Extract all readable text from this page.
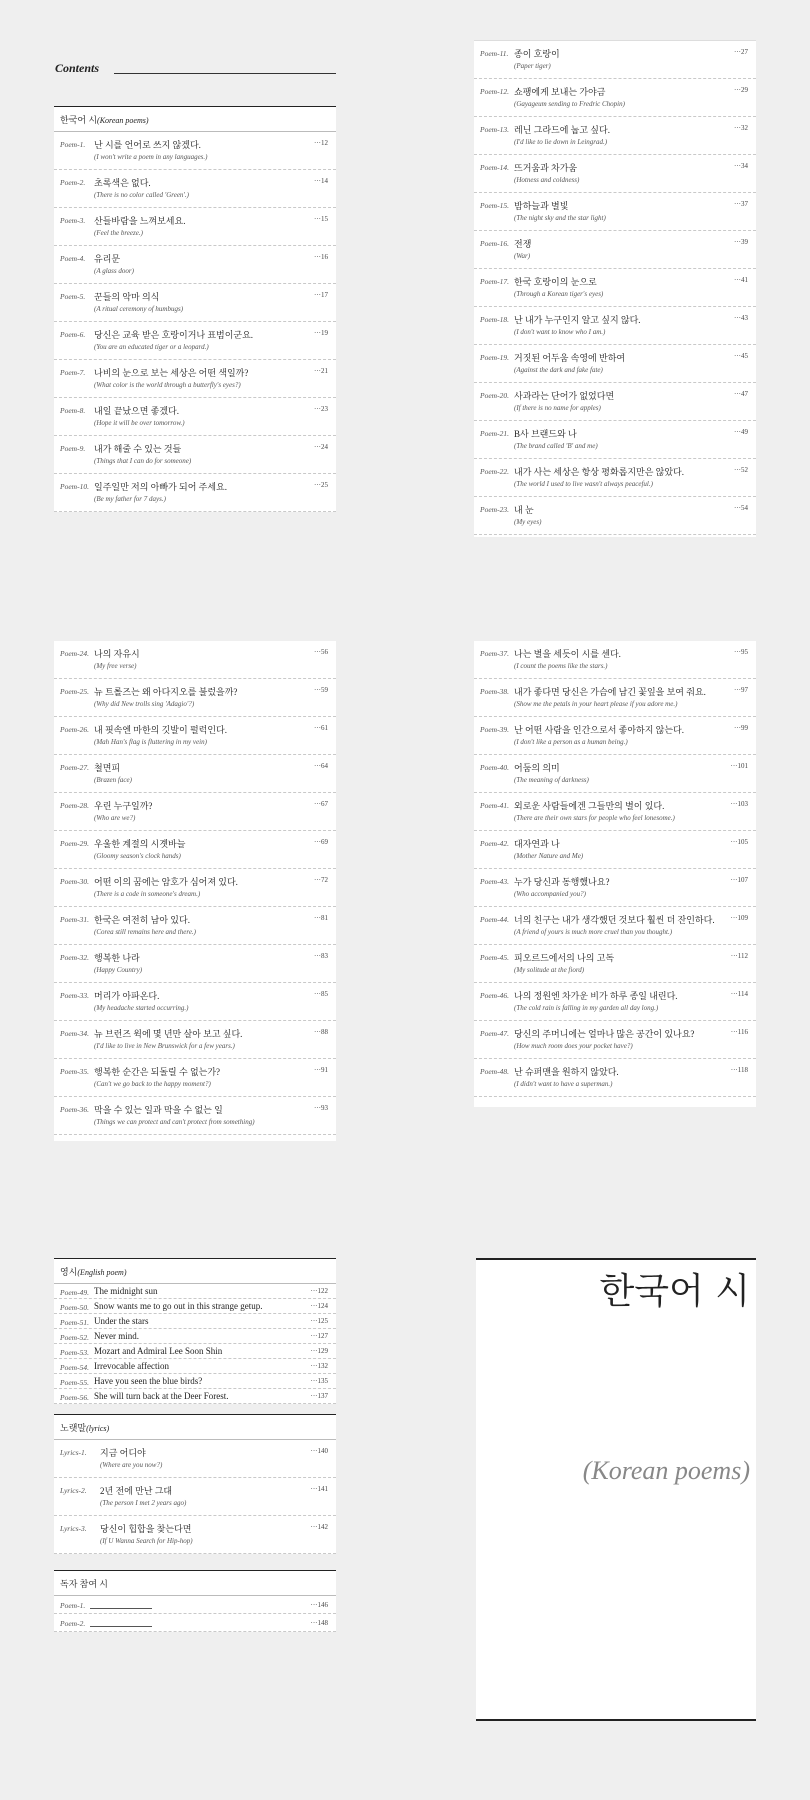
Contents
한국어 시(Korean poems)
Poem-1. 난 시를 언어로 쓰지 않겠다.
(I won't write a poem in any languages.)
···12
Poem-2. 초록색은 없다.
(There is no color called 'Green'.)
···14
Poem-3. 산들바람을 느껴보세요.
(Feel the breeze.)
···15
Poem-4. 유리문
(A glass door)
···16
Poem-5. 꾼들의 악마 의식
(A ritual ceremony of humbugs)
···17
Poem-6. 당신은 교육 받은 호랑이거나 표범이군요.
(You are an educated tiger or a leopard.)
···19
Poem-7. 나비의 눈으로 보는 세상은 어떤 색일까?
(What color is the world through a butterfly's eyes?)
···21
Poem-8. 내일 끝났으면 좋겠다.
(Hope it will be over tomorrow.)
···23
Poem-9. 내가 해줄 수 있는 것들
(Things that I can do for someone)
···24
Poem-10. 일주일만 저의 아빠가 되어 주세요.
(Be my father for 7 days.)
···25
Poem-11. 종이 호랑이
(Paper tiger)
···27
Poem-12. 쇼팽에게 보내는 가야금
(Gayageum sending to Fredric Chopin)
···29
Poem-13. 레닌 그라드에 눕고 싶다.
(I'd like to lie down in Leingrad.)
···32
Poem-14. 뜨거움과 차가움
(Hotness and coldness)
···34
Poem-15. 밤하늘과 별빛
(The night sky and the star light)
···37
Poem-16. 전쟁
(War)
···39
Poem-17. 한국 호랑이의 눈으로
(Through a Korean tiger's eyes)
···41
Poem-18. 난 내가 누구인지 알고 싶지 않다.
(I don't want to know who I am.)
···43
Poem-19. 거짓된 어두움 속영에 반하여
(Against the dark and fake fate)
···45
Poem-20. 사과라는 단어가 없었다면
(If there is no name for apples)
···47
Poem-21. B사 브랜드와 나
(The brand called 'B' and me)
···49
Poem-22. 내가 사는 세상은 항상 평화롭지만은 않았다.
(The world I used to live wasn't always peaceful.)
···52
Poem-23. 내 눈
(My eyes)
···54
Poem-24. 나의 자유시
(My free verse)
···56
Poem-25. 뉴 트롤즈는 왜 아다지오를 불렀을까?
(Why did New trolls sing 'Adagio'?)
···59
Poem-26. 내 핏속엔 마한의 깃발이 펄럭인다.
(Mah Han's flag is fluttering in my vein)
···61
Poem-27. 철면피
(Brazen face)
···64
Poem-28. 우린 누구일까?
(Who are we?)
···67
Poem-29. 우울한 계절의 시곗바늘
(Gloomy season's clock hands)
···69
Poem-30. 어떤 이의 꿈에는 암호가 심어져 있다.
(There is a code in someone's dream.)
···72
Poem-31. 한국은 여전히 남아 있다.
(Corea still remains here and there.)
···81
Poem-32. 행복한 나라
(Happy Country)
···83
Poem-33. 머리가 아파온다.
(My headache started occurring.)
···85
Poem-34. 뉴 브런즈 윅에 몇 년만 살아 보고 싶다.
(I'd like to live in New Brunswick for a few years.)
···88
Poem-35. 행복한 순간은 되돌릴 수 없는가?
(Can't we go back to the happy moment?)
···91
Poem-36. 막을 수 있는 일과 막을 수 없는 일
(Things we can protect and can't protect from something)
···93
Poem-37. 나는 별을 세듯이 시를 센다.
(I count the poems like the stars.)
···95
Poem-38. 내가 좋다면 당신은 가슴에 남긴 꽃잎을 보여 줘요.
(Show me the petals in your heart please if you adore me.)
···97
Poem-39. 난 어떤 사람을 인간으로서 좋아하지 않는다.
(I don't like a person as a human being.)
···99
Poem-40. 어둠의 의미
(The meaning of darkness)
···101
Poem-41. 외로운 사람들에겐 그들만의 별이 있다.
(There are their own stars for people who feel lonesome.)
···103
Poem-42. 대자연과 나
(Mother Nature and Me)
···105
Poem-43. 누가 당신과 동행했나요?
(Who accompanied you?)
···107
Poem-44. 너의 친구는 내가 생각했던 것보다 훨씬 더 잔인하다.
(A friend of yours is much more cruel than you thought.)
···109
Poem-45. 피오르드에서의 나의 고독
(My solitude at the fiord)
···112
Poem-46. 나의 정원엔 차가운 비가 하루 종일 내린다.
(The cold rain is falling in my garden all day long.)
···114
Poem-47. 당신의 주머니에는 얼마나 많은 공간이 있나요?
(How much room does your pocket have?)
···116
Poem-48. 난 슈퍼맨을 원하지 않았다.
(I didn't want to have a superman.)
···118
영시(English poem)
Poem-49. The midnight sun	···122
Poem-50. Snow wants me to go out in this strange getup.	···124
Poem-51. Under the stars	···125
Poem-52. Never mind.	···127
Poem-53. Mozart and Admiral Lee Soon Shin	···129
Poem-54. Irrevocable affection	···132
Poem-55. Have you seen the blue birds?	···135
Poem-56. She will turn back at the Deer Forest.	···137
노랫말(lyrics)
Lyrics-1. 지금 어디야
(Where are you now?)
···140
Lyrics-2. 2년 전에 만난 그대
(The person I met 2 years ago)
···141
Lyrics-3. 당신이 힙합을 찾는다면
(If U Wanna Search for Hip-hop)
···142
독자 참여 시
Poem-1.	···146
Poem-2.	···148
한국어 시
(Korean poems)
